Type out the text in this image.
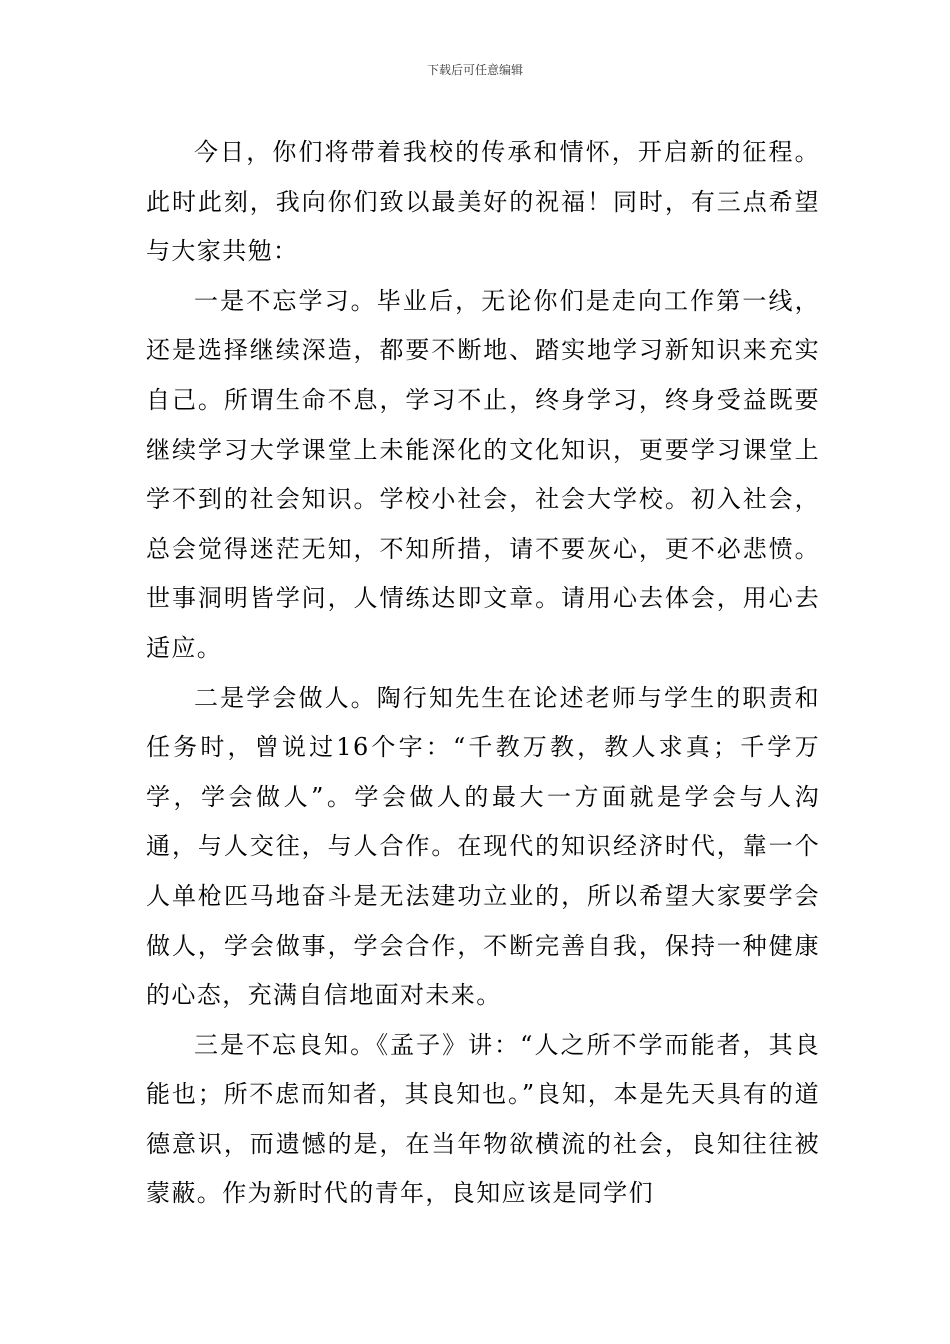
下载后可任意编辑

今日，你们将带着我校的传承和情怀，开启新的征程。此时此刻，我向你们致以最美好的祝福！同时，有三点希望与大家共勉：

一是不忘学习。毕业后，无论你们是走向工作第一线，还是选择继续深造，都要不断地、踏实地学习新知识来充实自己。所谓生命不息，学习不止，终身学习，终身受益既要继续学习大学课堂上未能深化的文化知识，更要学习课堂上学不到的社会知识。学校小社会，社会大学校。初入社会，总会觉得迷茫无知，不知所措，请不要灰心，更不必悲愤。世事洞明皆学问，人情练达即文章。请用心去体会，用心去适应。

二是学会做人。陶行知先生在论述老师与学生的职责和任务时，曾说过16个字：“千教万教，教人求真；千学万学，学会做人”。学会做人的最大一方面就是学会与人沟通，与人交往，与人合作。在现代的知识经济时代，靠一个人单枪匹马地奋斗是无法建功立业的，所以希望大家要学会做人，学会做事，学会合作，不断完善自我，保持一种健康的心态，充满自信地面对未来。

三是不忘良知。《孟子》讲：“人之所不学而能者，其良能也；所不虑而知者，其良知也。”良知，本是先天具有的道德意识，而遗憾的是，在当年物欲横流的社会，良知往往被蒙蔽。作为新时代的青年，良知应该是同学们
